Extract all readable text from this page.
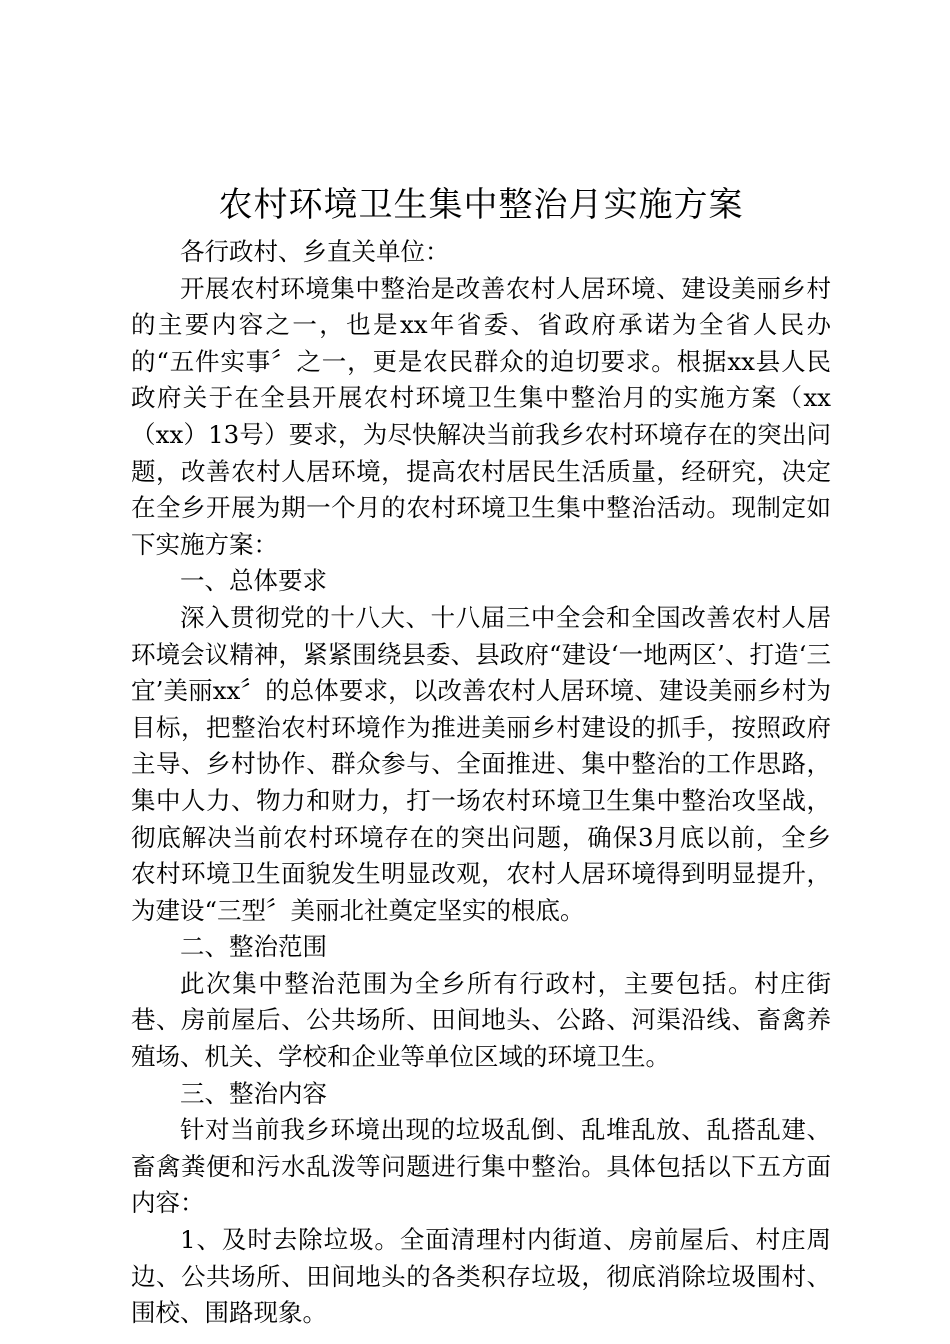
农村环境卫生集中整治月实施方案

各行政村、乡直关单位：

开展农村环境集中整治是改善农村人居环境、建设美丽乡村的主要内容之一，也是xx年省委、省政府承诺为全省人民办的“五件实事〞之一，更是农民群众的迫切要求。根据xx县人民政府关于在全县开展农村环境卫生集中整治月的实施方案（xx（xx）13号）要求，为尽快解决当前我乡农村环境存在的突出问题，改善农村人居环境，提高农村居民生活质量，经研究，决定在全乡开展为期一个月的农村环境卫生集中整治活动。现制定如下实施方案：

一、总体要求

深入贯彻党的十八大、十八届三中全会和全国改善农村人居环境会议精神，紧紧围绕县委、县政府“建设‘一地两区’、打造‘三宜’美丽xx〞的总体要求，以改善农村人居环境、建设美丽乡村为目标，把整治农村环境作为推进美丽乡村建设的抓手，按照政府主导、乡村协作、群众参与、全面推进、集中整治的工作思路，集中人力、物力和财力，打一场农村环境卫生集中整治攻坚战，彻底解决当前农村环境存在的突出问题，确保3月底以前，全乡农村环境卫生面貌发生明显改观，农村人居环境得到明显提升，为建设“三型〞美丽北社奠定坚实的根底。

二、整治范围

此次集中整治范围为全乡所有行政村，主要包括。村庄街巷、房前屋后、公共场所、田间地头、公路、河渠沿线、畜禽养殖场、机关、学校和企业等单位区域的环境卫生。

三、整治内容

针对当前我乡环境出现的垃圾乱倒、乱堆乱放、乱搭乱建、畜禽粪便和污水乱泼等问题进行集中整治。具体包括以下五方面内容：

1、及时去除垃圾。全面清理村内街道、房前屋后、村庄周边、公共场所、田间地头的各类积存垃圾，彻底消除垃圾围村、围校、围路现象。
